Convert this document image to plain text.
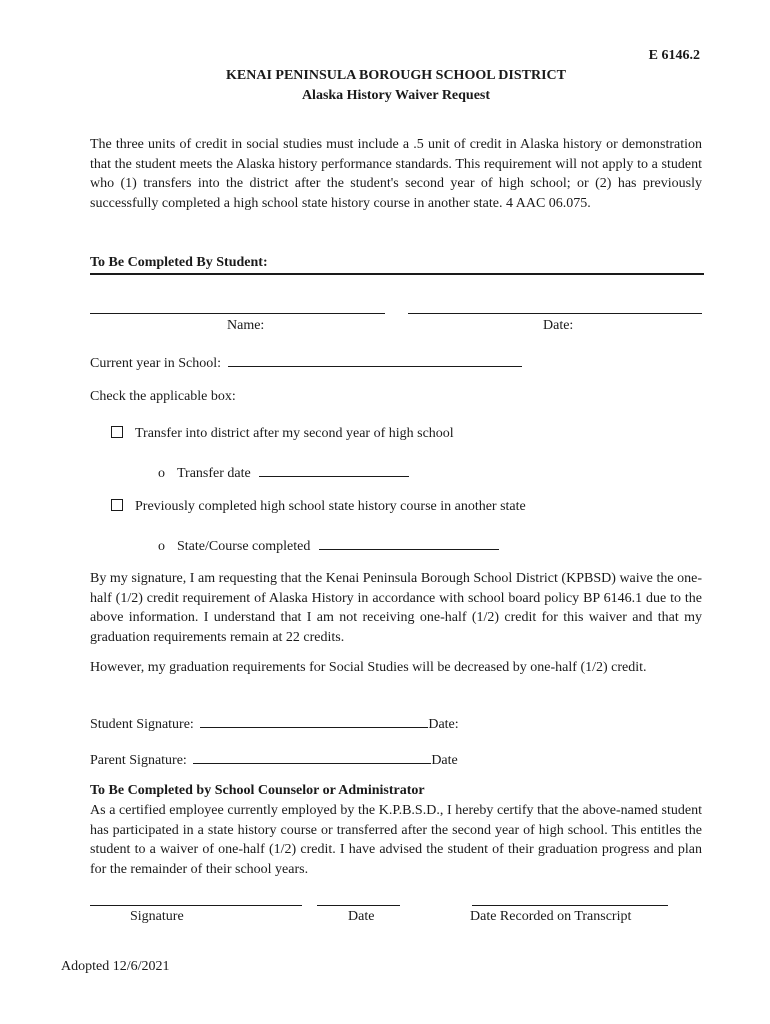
E 6146.2
KENAI PENINSULA BOROUGH SCHOOL DISTRICT
Alaska History Waiver Request
The three units of credit in social studies must include a .5 unit of credit in Alaska history or demonstration that the student meets the Alaska history performance standards. This requirement will not apply to a student who (1) transfers into the district after the student's second year of high school; or (2) has previously successfully completed a high school state history course in another state. 4 AAC 06.075.
To Be Completed By Student:
Name:	Date:
Current year in School:
Check the applicable box:
Transfer into district after my second year of high school
o Transfer date
Previously completed high school state history course in another state
o State/Course completed
By my signature, I am requesting that the Kenai Peninsula Borough School District (KPBSD) waive the one-half (1/2) credit requirement of Alaska History in accordance with school board policy BP 6146.1 due to the above information. I understand that I am not receiving one-half (1/2) credit for this waiver and that my graduation requirements remain at 22 credits.
However, my graduation requirements for Social Studies will be decreased by one-half (1/2) credit.
Student Signature:	Date:
Parent Signature:	Date
To Be Completed by School Counselor or Administrator
As a certified employee currently employed by the K.P.B.S.D., I hereby certify that the above-named student has participated in a state history course or transferred after the second year of high school. This entitles the student to a waiver of one-half (1/2) credit. I have advised the student of their graduation progress and plan for the remainder of their school years.
Signature	Date	Date Recorded on Transcript
Adopted 12/6/2021
